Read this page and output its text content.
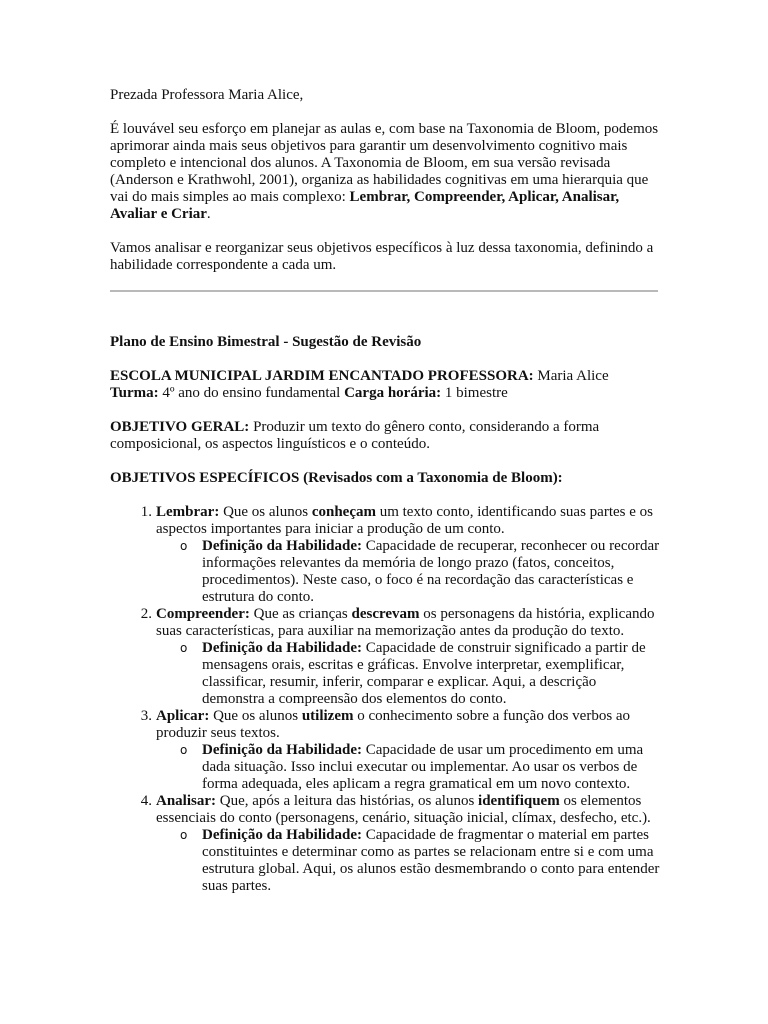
Prezada Professora Maria Alice,

É louvável seu esforço em planejar as aulas e, com base na Taxonomia de Bloom, podemos aprimorar ainda mais seus objetivos para garantir um desenvolvimento cognitivo mais completo e intencional dos alunos. A Taxonomia de Bloom, em sua versão revisada (Anderson e Krathwohl, 2001), organiza as habilidades cognitivas em uma hierarquia que vai do mais simples ao mais complexo: Lembrar, Compreender, Aplicar, Analisar, Avaliar e Criar.

Vamos analisar e reorganizar seus objetivos específicos à luz dessa taxonomia, definindo a habilidade correspondente a cada um.

Plano de Ensino Bimestral - Sugestão de Revisão

ESCOLA MUNICIPAL JARDIM ENCANTADO PROFESSORA: Maria Alice

Turma: 4º ano do ensino fundamental Carga horária: 1 bimestre

OBJETIVO GERAL: Produzir um texto do gênero conto, considerando a forma composicional, os aspectos linguísticos e o conteúdo.

OBJETIVOS ESPECÍFICOS (Revisados com a Taxonomia de Bloom):

1. Lembrar: Que os alunos conheçam um texto conto, identificando suas partes e os aspectos importantes para iniciar a produção de um conto.

o Definição da Habilidade: Capacidade de recuperar, reconhecer ou recordar informações relevantes da memória de longo prazo (fatos, conceitos, procedimentos). Neste caso, o foco é na recordação das características e estrutura do conto.

2. Compreender: Que as crianças descrevam os personagens da história, explicando suas características, para auxiliar na memorização antes da produção do texto.

o Definição da Habilidade: Capacidade de construir significado a partir de mensagens orais, escritas e gráficas. Envolve interpretar, exemplificar, classificar, resumir, inferir, comparar e explicar. Aqui, a descrição demonstra a compreensão dos elementos do conto.

3. Aplicar: Que os alunos utilizem o conhecimento sobre a função dos verbos ao produzir seus textos.

o Definição da Habilidade: Capacidade de usar um procedimento em uma dada situação. Isso inclui executar ou implementar. Ao usar os verbos de forma adequada, eles aplicam a regra gramatical em um novo contexto.

4. Analisar: Que, após a leitura das histórias, os alunos identifiquem os elementos essenciais do conto (personagens, cenário, situação inicial, clímax, desfecho, etc.).

o Definição da Habilidade: Capacidade de fragmentar o material em partes constituintes e determinar como as partes se relacionam entre si e com uma estrutura global. Aqui, os alunos estão desmembrando o conto para entender suas partes.
